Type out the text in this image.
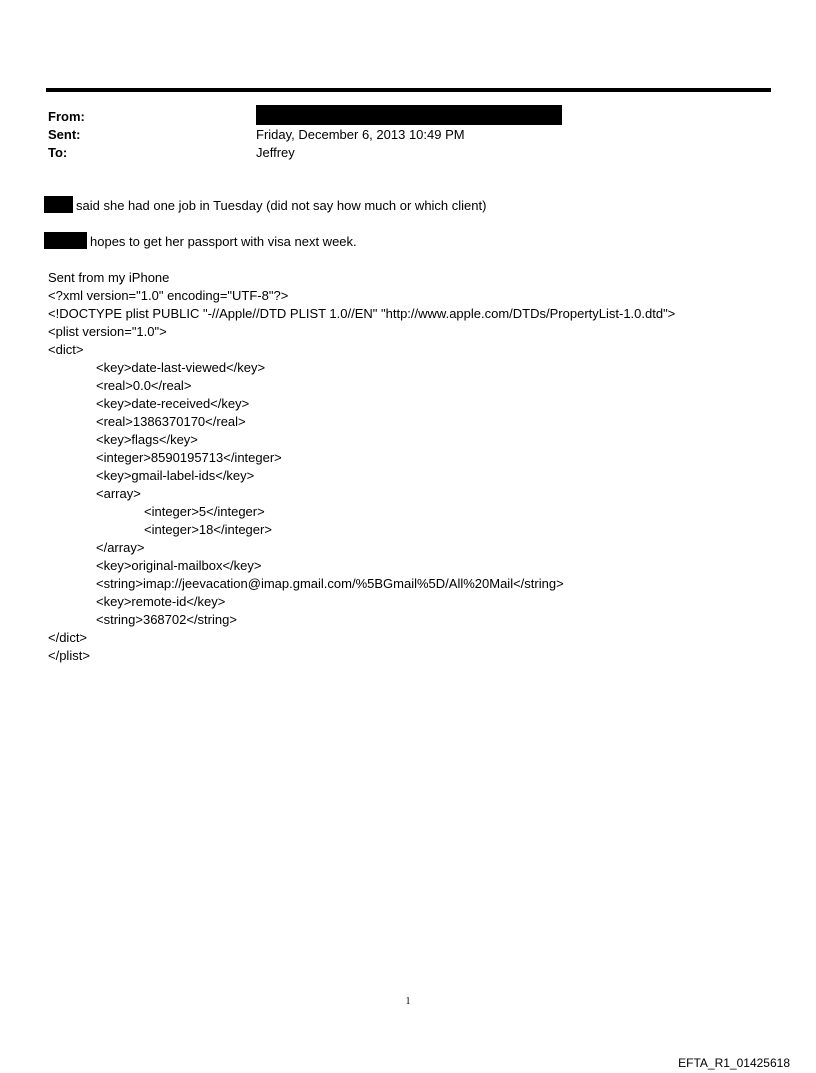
From:
Sent:	Friday, December 6, 2013 10:49 PM
To:	Jeffrey
said she had one job in Tuesday (did not say how much or which client)
hopes to get her passport with visa next week.
Sent from my iPhone
<?xml version="1.0" encoding="UTF-8"?>
<!DOCTYPE plist PUBLIC "-//Apple//DTD PLIST 1.0//EN" "http://www.apple.com/DTDs/PropertyList-1.0.dtd">
<plist version="1.0">
<dict>
<key>date-last-viewed</key>
<real>0.0</real>
<key>date-received</key>
<real>1386370170</real>
<key>flags</key>
<integer>8590195713</integer>
<key>gmail-label-ids</key>
<array>
<integer>5</integer>
<integer>18</integer>
</array>
<key>original-mailbox</key>
<string>imap://jeevacation@imap.gmail.com/%5BGmail%5D/All%20Mail</string>
<key>remote-id</key>
<string>368702</string>
</dict>
</plist>
1
EFTA_R1_01425618
